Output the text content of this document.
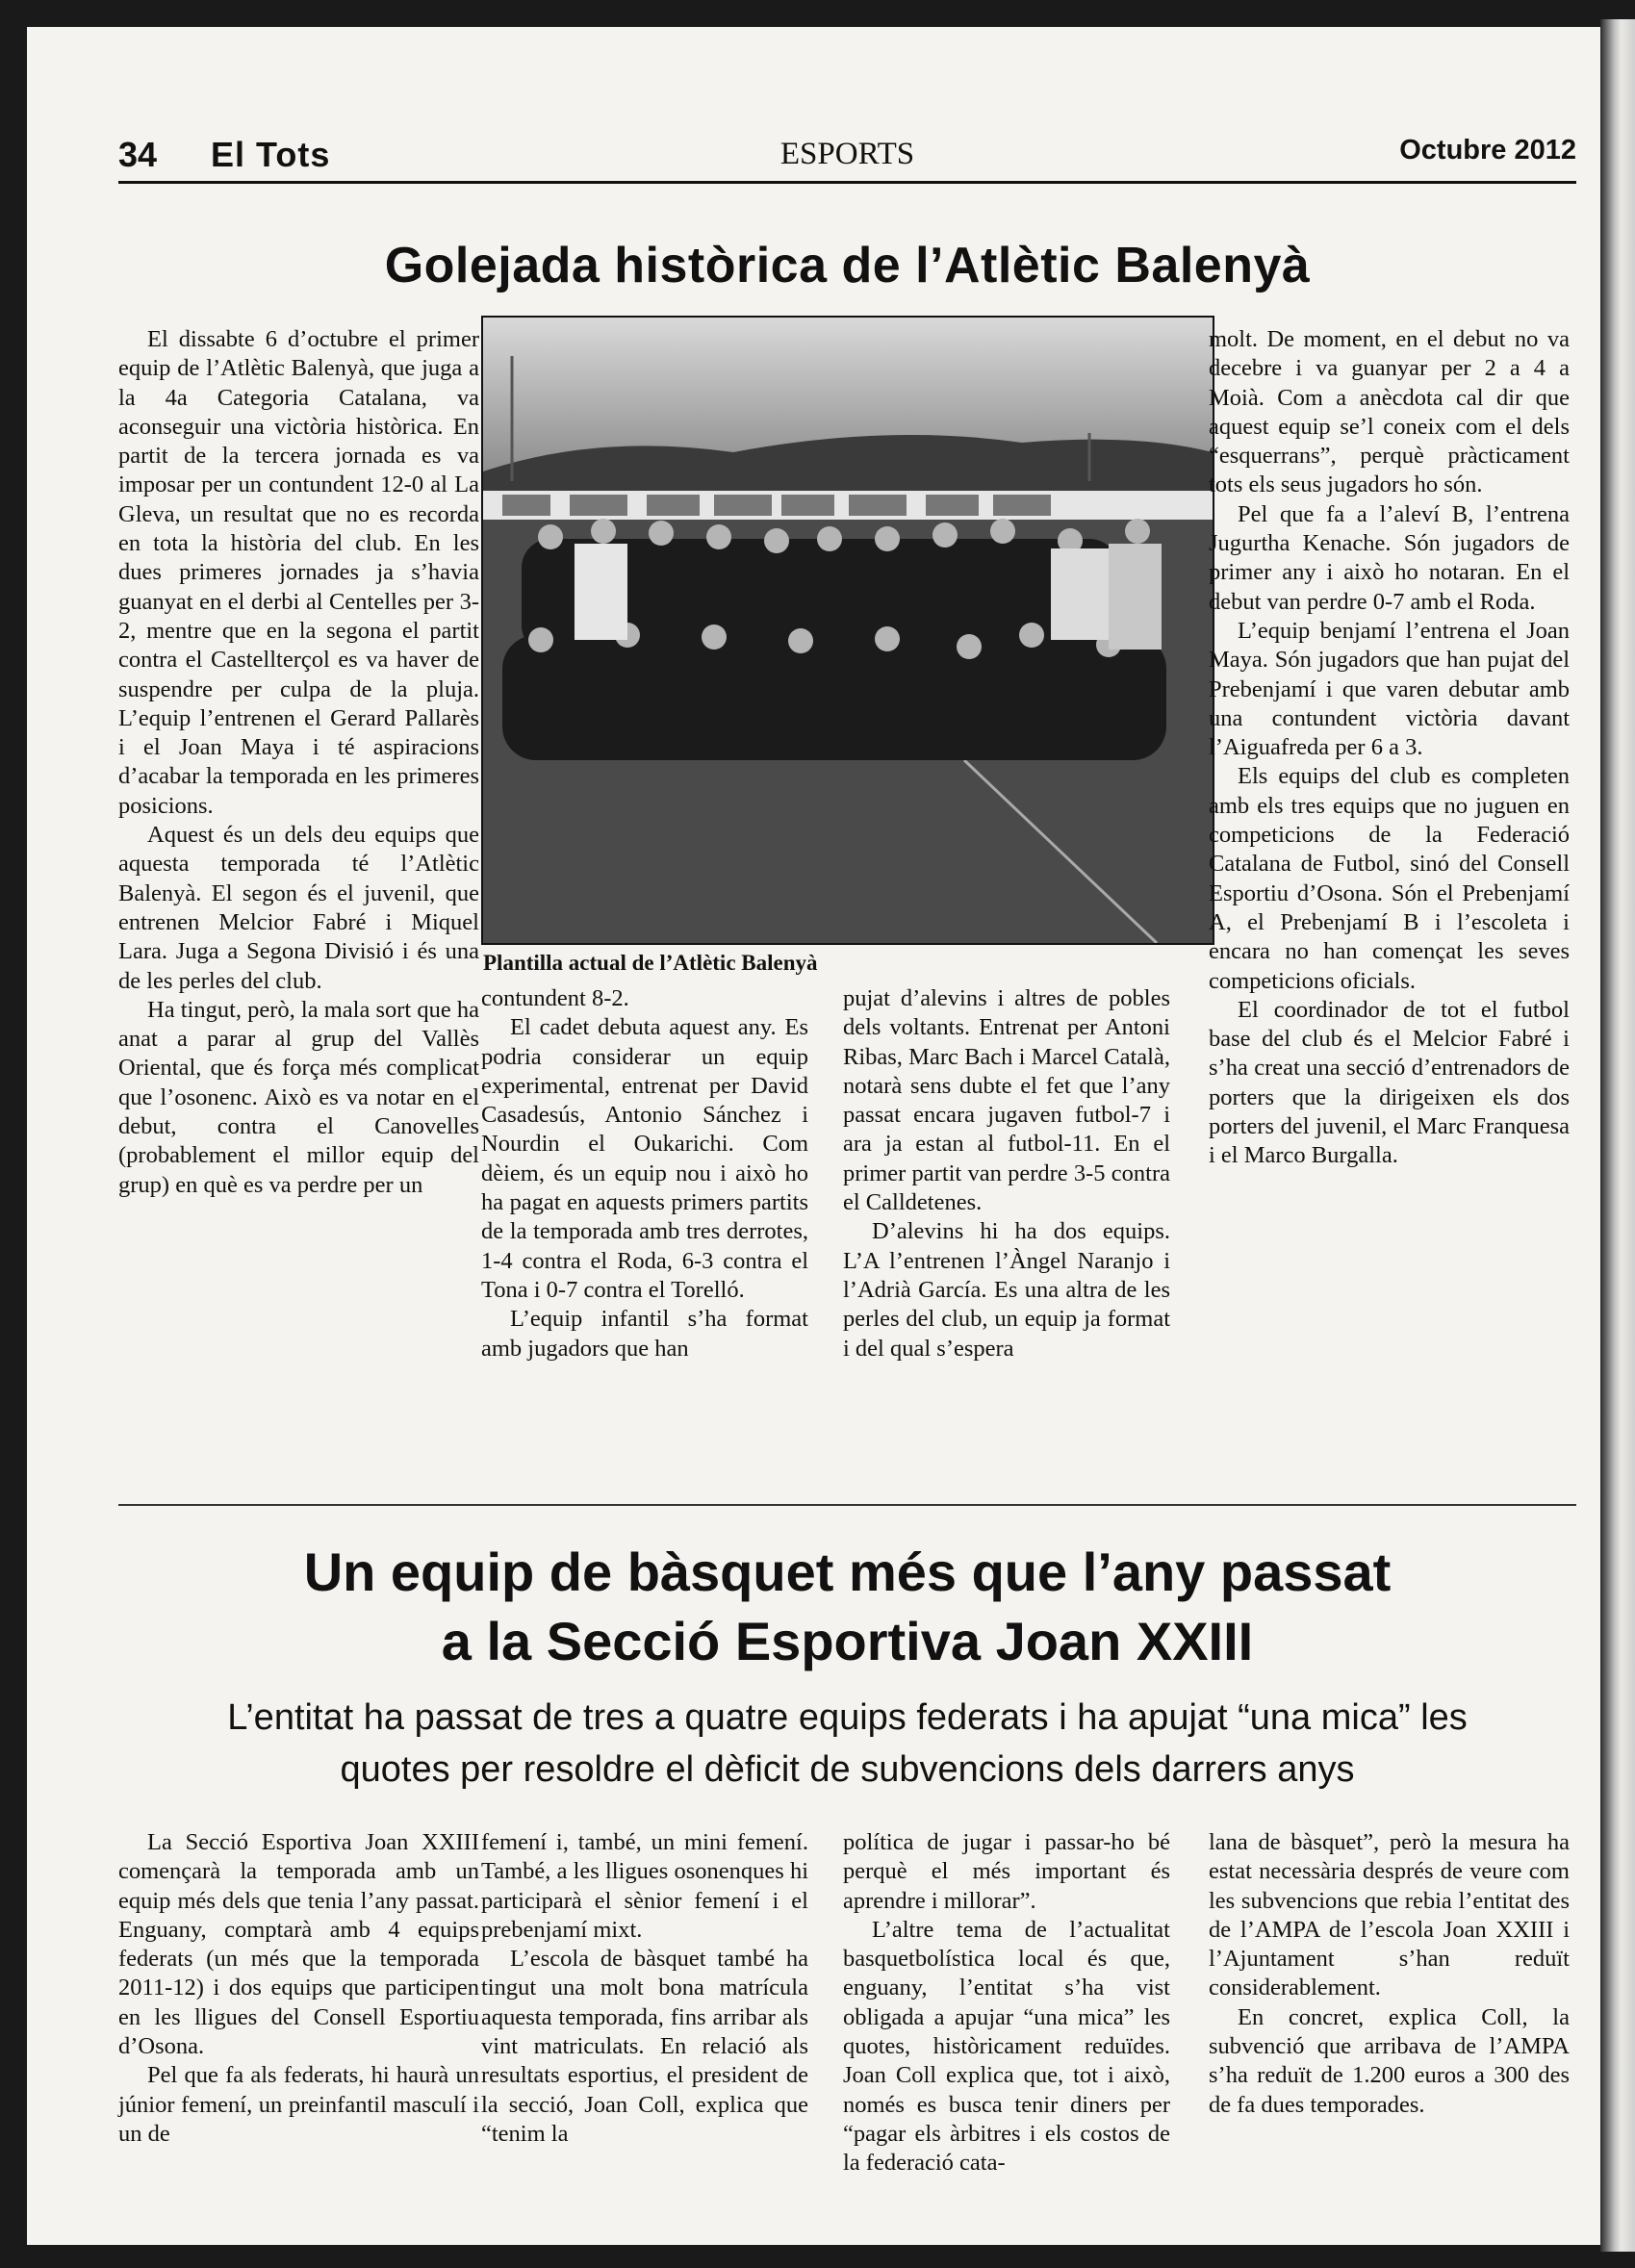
34 El Tots	ESPORTS	Octubre 2012
Golejada històrica de l’Atlètic Balenyà

El dissabte 6 d’octubre el primer equip de l’Atlètic Balenyà, que juga a la 4a Categoria Catalana, va aconseguir una victòria històrica. En partit de la tercera jornada es va imposar per un contundent 12-0 al La Gleva, un resultat que no es recorda en tota la història del club. En les dues primeres jornades ja s’havia guanyat en el derbi al Centelles per 3-2, mentre que en la segona el partit contra el Castellterçol es va haver de suspendre per culpa de la pluja. L’equip l’entrenen el Gerard Pallarès i el Joan Maya i té aspiracions d’acabar la temporada en les primeres posicions.

Aquest és un dels deu equips que aquesta temporada té l’Atlètic Balenyà. El segon és el juvenil, que entrenen Melcior Fabré i Miquel Lara. Juga a Segona Divisió i és una de les perles del club.

Ha tingut, però, la mala sort que ha anat a parar al grup del Vallès Oriental, que és força més complicat que l’osonenc. Això es va notar en el debut, contra el Canovelles (probablement el millor equip del grup) en què es va perdre per un

Plantilla actual de l’Atlètic Balenyà

contundent 8-2.

El cadet debuta aquest any. Es podria considerar un equip experimental, entrenat per David Casadesús, Antonio Sánchez i Nourdin el Oukarichi. Com dèiem, és un equip nou i això ho ha pagat en aquests primers partits de la temporada amb tres derrotes, 1-4 contra el Roda, 6-3 contra el Tona i 0-7 contra el Torelló.

L’equip infantil s’ha format amb jugadors que han

pujat d’alevins i altres de pobles dels voltants. Entrenat per Antoni Ribas, Marc Bach i Marcel Català, notarà sens dubte el fet que l’any passat encara jugaven futbol-7 i ara ja estan al futbol-11. En el primer partit van perdre 3-5 contra el Calldetenes.

D’alevins hi ha dos equips. L’A l’entrenen l’Àngel Naranjo i l’Adrià García. Es una altra de les perles del club, un equip ja format i del qual s’espera

molt. De moment, en el debut no va decebre i va guanyar per 2 a 4 a Moià. Com a anècdota cal dir que aquest equip se’l coneix com el dels “esquerrans”, perquè pràcticament tots els seus jugadors ho són.

Pel que fa a l’aleví B, l’entrena Jugurtha Kenache. Són jugadors de primer any i això ho notaran. En el debut van perdre 0-7 amb el Roda.

L’equip benjamí l’entrena el Joan Maya. Són jugadors que han pujat del Prebenjamí i que varen debutar amb una contundent victòria davant l’Aiguafreda per 6 a 3.

Els equips del club es completen amb els tres equips que no juguen en competicions de la Federació Catalana de Futbol, sinó del Consell Esportiu d’Osona. Són el Prebenjamí A, el Prebenjamí B i l’escoleta i encara no han començat les seves competicions oficials.

El coordinador de tot el futbol base del club és el Melcior Fabré i s’ha creat una secció d’entrenadors de porters que la dirigeixen els dos porters del juvenil, el Marc Franquesa i el Marco Burgalla.

Un equip de bàsquet més que l’any passat
a la Secció Esportiva Joan XXIII
L’entitat ha passat de tres a quatre equips federats i ha apujat “una mica” les
quotes per resoldre el dèficit de subvencions dels darrers anys

La Secció Esportiva Joan XXIII començarà la temporada amb un equip més dels que tenia l’any passat. Enguany, comptarà amb 4 equips federats (un més que la temporada 2011-12) i dos equips que participen en les lligues del Consell Esportiu d’Osona.

Pel que fa als federats, hi haurà un júnior femení, un preinfantil masculí i un de

femení i, també, un mini femení. També, a les lligues osonenques hi participarà el sènior femení i el prebenjamí mixt.

L’escola de bàsquet també ha tingut una molt bona matrícula aquesta temporada, fins arribar als vint matriculats. En relació als resultats esportius, el president de la secció, Joan Coll, explica que “tenim la

política de jugar i passar-ho bé perquè el més important és aprendre i millorar”.

L’altre tema de l’actualitat basquetbolística local és que, enguany, l’entitat s’ha vist obligada a apujar “una mica” les quotes, històricament reduïdes. Joan Coll explica que, tot i això, només es busca tenir diners per “pagar els àrbitres i els costos de la federació cata-

lana de bàsquet”, però la mesura ha estat necessària després de veure com les subvencions que rebia l’entitat des de l’AMPA de l’escola Joan XXIII i l’Ajuntament s’han reduït considerablement.

En concret, explica Coll, la subvenció que arribava de l’AMPA s’ha reduït de 1.200 euros a 300 des de fa dues temporades.
